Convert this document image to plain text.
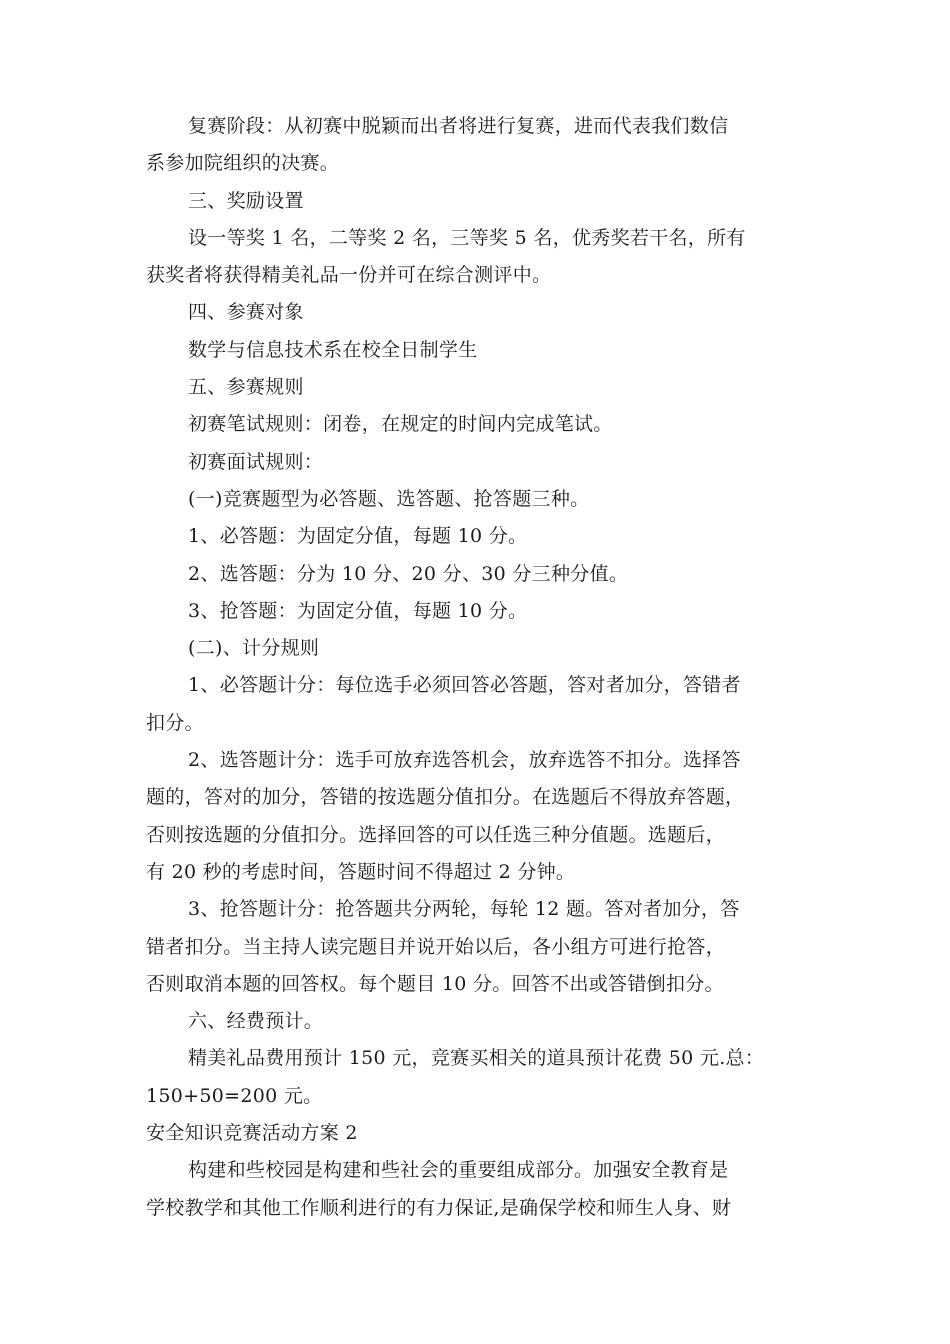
复赛阶段：从初赛中脱颖而出者将进行复赛，进而代表我们数信
系参加院组织的决赛。
三、奖励设置
设一等奖 1 名，二等奖 2 名，三等奖 5 名，优秀奖若干名，所有
获奖者将获得精美礼品一份并可在综合测评中。
四、参赛对象
数学与信息技术系在校全日制学生
五、参赛规则
初赛笔试规则：闭卷，在规定的时间内完成笔试。
初赛面试规则：
(一)竞赛题型为必答题、选答题、抢答题三种。
1、必答题：为固定分值，每题 10 分。
2、选答题：分为 10 分、20 分、30 分三种分值。
3、抢答题：为固定分值，每题 10 分。
(二)、计分规则
1、必答题计分：每位选手必须回答必答题，答对者加分，答错者
扣分。
2、选答题计分：选手可放弃选答机会，放弃选答不扣分。选择答
题的，答对的加分，答错的按选题分值扣分。在选题后不得放弃答题，
否则按选题的分值扣分。选择回答的可以任选三种分值题。选题后，
有 20 秒的考虑时间，答题时间不得超过 2 分钟。
3、抢答题计分：抢答题共分两轮，每轮 12 题。答对者加分，答
错者扣分。当主持人读完题目并说开始以后，各小组方可进行抢答，
否则取消本题的回答权。每个题目 10 分。回答不出或答错倒扣分。
六、经费预计。
精美礼品费用预计 150 元，竞赛买相关的道具预计花费 50 元.总：
150+50=200 元。
安全知识竞赛活动方案 2
构建和些校园是构建和些社会的重要组成部分。加强安全教育是
学校教学和其他工作顺利进行的有力保证,是确保学校和师生人身、财
